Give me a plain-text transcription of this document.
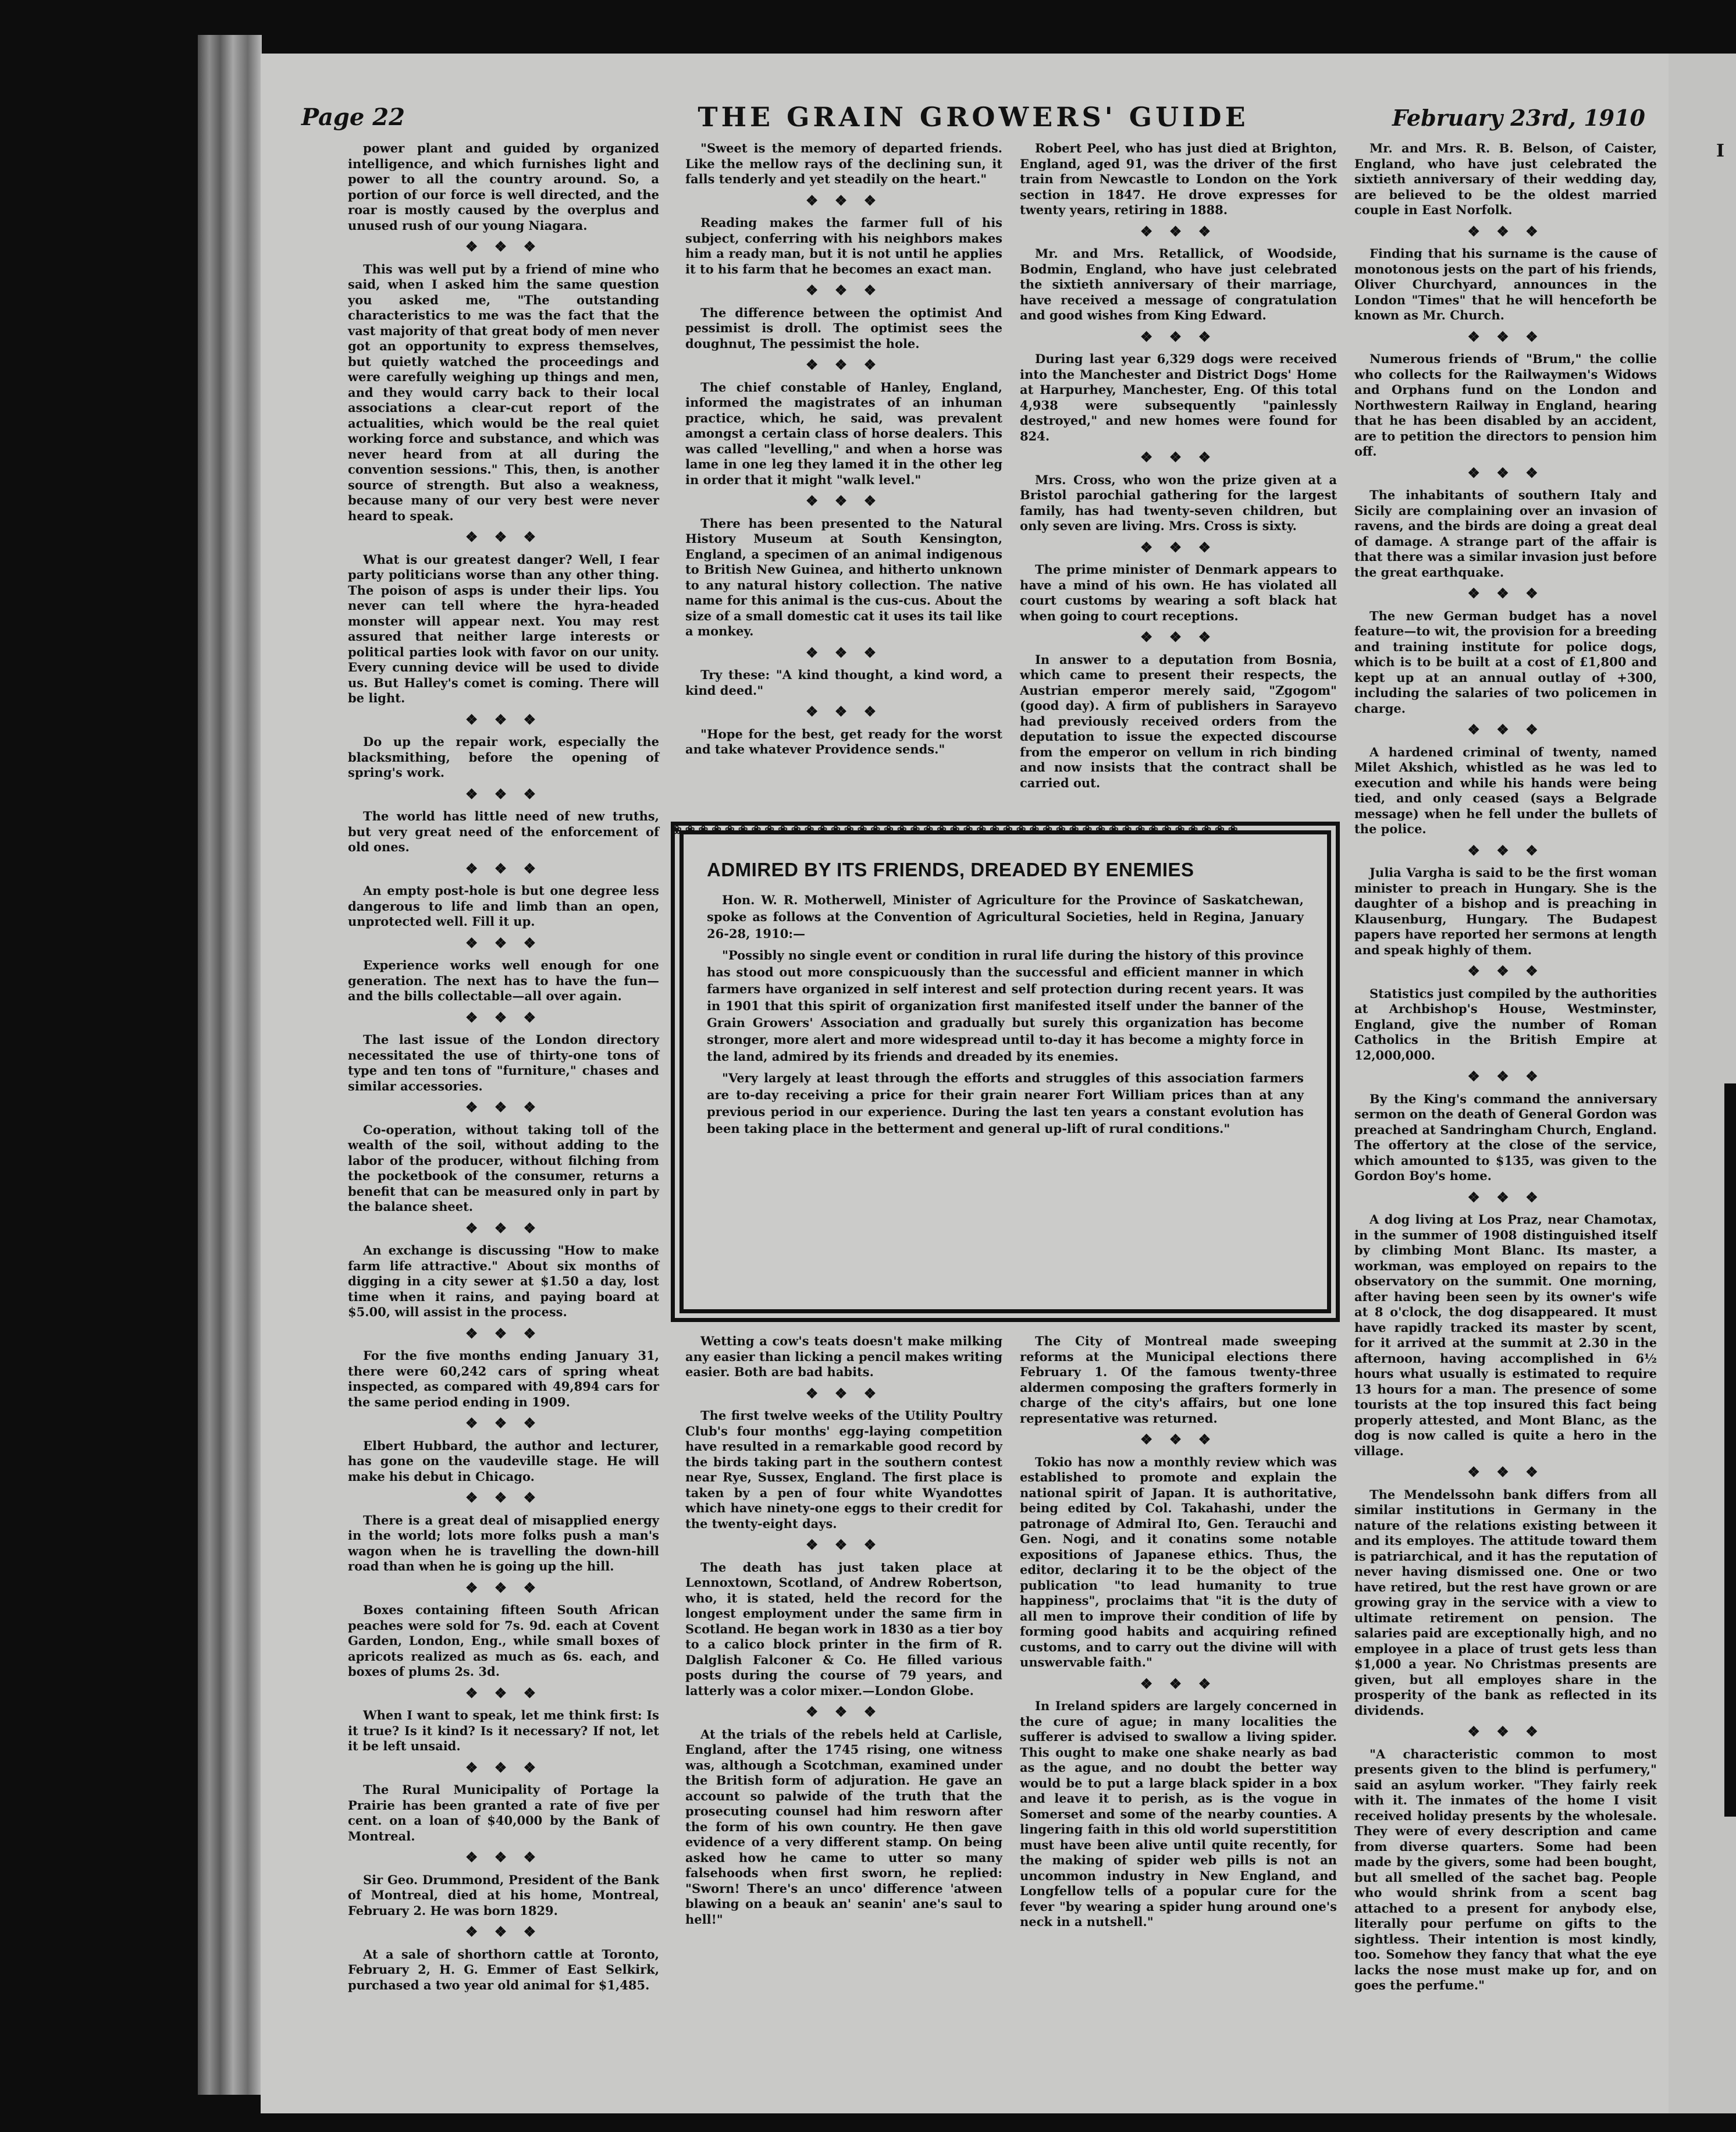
Page 22	THE GRAIN GROWERS' GUIDE	February 23rd, 1910

power plant and guided by organized intelligence, and which furnishes light and power to all the country around. So, a portion of our force is well directed, and the roar is mostly caused by the overplus and unused rush of our young Niagara.

❖ ❖ ❖

This was well put by a friend of mine who said, when I asked him the same question you asked me, "The outstanding characteristics to me was the fact that the vast majority of that great body of men never got an opportunity to express themselves, but quietly watched the proceedings and were carefully weighing up things and men, and they would carry back to their local associations a clear-cut report of the actualities, which would be the real quiet working force and substance, and which was never heard from at all during the convention sessions." This, then, is another source of strength. But also a weakness, because many of our very best were never heard to speak.

❖ ❖ ❖

What is our greatest danger? Well, I fear party politicians worse than any other thing. The poison of asps is under their lips. You never can tell where the hyra-headed monster will appear next. You may rest assured that neither large interests or political parties look with favor on our unity. Every cunning device will be used to divide us. But Halley's comet is coming. There will be light.

❖ ❖ ❖

Do up the repair work, especially the blacksmithing, before the opening of spring's work.

❖ ❖ ❖

The world has little need of new truths, but very great need of the enforcement of old ones.

❖ ❖ ❖

An empty post-hole is but one degree less dangerous to life and limb than an open, unprotected well. Fill it up.

❖ ❖ ❖

Experience works well enough for one generation. The next has to have the fun—and the bills collectable—all over again.

❖ ❖ ❖

The last issue of the London directory necessitated the use of thirty-one tons of type and ten tons of "furniture," chases and similar accessories.

❖ ❖ ❖

Co-operation, without taking toll of the wealth of the soil, without adding to the labor of the producer, without filching from the pocketbook of the consumer, returns a benefit that can be measured only in part by the balance sheet.

❖ ❖ ❖

An exchange is discussing "How to make farm life attractive." About six months of digging in a city sewer at $1.50 a day, lost time when it rains, and paying board at $5.00, will assist in the process.

❖ ❖ ❖

For the five months ending January 31, there were 60,242 cars of spring wheat inspected, as compared with 49,894 cars for the same period ending in 1909.

❖ ❖ ❖

Elbert Hubbard, the author and lecturer, has gone on the vaudeville stage. He will make his debut in Chicago.

❖ ❖ ❖

There is a great deal of misapplied energy in the world; lots more folks push a man's wagon when he is travelling the down-hill road than when he is going up the hill.

❖ ❖ ❖

Boxes containing fifteen South African peaches were sold for 7s. 9d. each at Covent Garden, London, Eng., while small boxes of apricots realized as much as 6s. each, and boxes of plums 2s. 3d.

❖ ❖ ❖

When I want to speak, let me think first: Is it true? Is it kind? Is it necessary? If not, let it be left unsaid.

❖ ❖ ❖

The Rural Municipality of Portage la Prairie has been granted a rate of five per cent. on a loan of $40,000 by the Bank of Montreal.

❖ ❖ ❖

Sir Geo. Drummond, President of the Bank of Montreal, died at his home, Montreal, February 2. He was born 1829.

❖ ❖ ❖

At a sale of shorthorn cattle at Toronto, February 2, H. G. Emmer of East Selkirk, purchased a two year old animal for $1,485.

"Sweet is the memory of departed friends. Like the mellow rays of the declining sun, it falls tenderly and yet steadily on the heart."

❖ ❖ ❖

Reading makes the farmer full of his subject, conferring with his neighbors makes him a ready man, but it is not until he applies it to his farm that he becomes an exact man.

❖ ❖ ❖

The difference between the optimist And pessimist is droll. The optimist sees the doughnut, The pessimist the hole.

❖ ❖ ❖

The chief constable of Hanley, England, informed the magistrates of an inhuman practice, which, he said, was prevalent amongst a certain class of horse dealers. This was called "levelling," and when a horse was lame in one leg they lamed it in the other leg in order that it might "walk level."

❖ ❖ ❖

There has been presented to the Natural History Museum at South Kensington, England, a specimen of an animal indigenous to British New Guinea, and hitherto unknown to any natural history collection. The native name for this animal is the cus-cus. About the size of a small domestic cat it uses its tail like a monkey.

❖ ❖ ❖

Try these: "A kind thought, a kind word, a kind deed."

❖ ❖ ❖

"Hope for the best, get ready for the worst and take whatever Providence sends."

Robert Peel, who has just died at Brighton, England, aged 91, was the driver of the first train from Newcastle to London on the York section in 1847. He drove expresses for twenty years, retiring in 1888.

❖ ❖ ❖

Mr. and Mrs. Retallick, of Woodside, Bodmin, England, who have just celebrated the sixtieth anniversary of their marriage, have received a message of congratulation and good wishes from King Edward.

❖ ❖ ❖

During last year 6,329 dogs were received into the Manchester and District Dogs' Home at Harpurhey, Manchester, Eng. Of this total 4,938 were subsequently "painlessly destroyed," and new homes were found for 824.

❖ ❖ ❖

Mrs. Cross, who won the prize given at a Bristol parochial gathering for the largest family, has had twenty-seven children, but only seven are living. Mrs. Cross is sixty.

❖ ❖ ❖

The prime minister of Denmark appears to have a mind of his own. He has violated all court customs by wearing a soft black hat when going to court receptions.

❖ ❖ ❖

In answer to a deputation from Bosnia, which came to present their respects, the Austrian emperor merely said, "Zgogom" (good day). A firm of publishers in Sarayevo had previously received orders from the deputation to issue the expected discourse from the emperor on vellum in rich binding and now insists that the contract shall be carried out.

❀❀❀❀❀❀❀❀❀❀❀❀❀❀❀❀❀❀❀❀❀❀❀❀❀❀❀❀❀❀❀❀❀❀❀❀❀❀❀❀❀❀❀
ADMIRED BY ITS FRIENDS, DREADED BY ENEMIES

Hon. W. R. Motherwell, Minister of Agriculture for the Province of Saskatchewan, spoke as follows at the Convention of Agricultural Societies, held in Regina, January 26-28, 1910:—

"Possibly no single event or condition in rural life during the history of this province has stood out more conspicuously than the successful and efficient manner in which farmers have organized in self interest and self protection during recent years. It was in 1901 that this spirit of organization first manifested itself under the banner of the Grain Growers' Association and gradually but surely this organization has become stronger, more alert and more widespread until to-day it has become a mighty force in the land, admired by its friends and dreaded by its enemies.

"Very largely at least through the efforts and struggles of this association farmers are to-day receiving a price for their grain nearer Fort William prices than at any previous period in our experience. During the last ten years a constant evolution has been taking place in the betterment and general up-lift of rural conditions."

Wetting a cow's teats doesn't make milking any easier than licking a pencil makes writing easier. Both are bad habits.

❖ ❖ ❖

The first twelve weeks of the Utility Poultry Club's four months' egg-laying competition have resulted in a remarkable good record by the birds taking part in the southern contest near Rye, Sussex, England. The first place is taken by a pen of four white Wyandottes which have ninety-one eggs to their credit for the twenty-eight days.

❖ ❖ ❖

The death has just taken place at Lennoxtown, Scotland, of Andrew Robertson, who, it is stated, held the record for the longest employment under the same firm in Scotland. He began work in 1830 as a tier boy to a calico block printer in the firm of R. Dalglish Falconer & Co. He filled various posts during the course of 79 years, and latterly was a color mixer.—London Globe.

❖ ❖ ❖

At the trials of the rebels held at Carlisle, England, after the 1745 rising, one witness was, although a Scotchman, examined under the British form of adjuration. He gave an account so palwide of the truth that the prosecuting counsel had him resworn after the form of his own country. He then gave evidence of a very different stamp. On being asked how he came to utter so many falsehoods when first sworn, he replied: "Sworn! There's an unco' difference 'atween blawing on a beauk an' seanin' ane's saul to hell!"

The City of Montreal made sweeping reforms at the Municipal elections there February 1. Of the famous twenty-three aldermen composing the grafters formerly in charge of the city's affairs, but one lone representative was returned.

❖ ❖ ❖

Tokio has now a monthly review which was established to promote and explain the national spirit of Japan. It is authoritative, being edited by Col. Takahashi, under the patronage of Admiral Ito, Gen. Terauchi and Gen. Nogi, and it conatins some notable expositions of Japanese ethics. Thus, the editor, declaring it to be the object of the publication "to lead humanity to true happiness", proclaims that "it is the duty of all men to improve their condition of life by forming good habits and acquiring refined customs, and to carry out the divine will with unswervable faith."

❖ ❖ ❖

In Ireland spiders are largely concerned in the cure of ague; in many localities the sufferer is advised to swallow a living spider. This ought to make one shake nearly as bad as the ague, and no doubt the better way would be to put a large black spider in a box and leave it to perish, as is the vogue in Somerset and some of the nearby counties. A lingering faith in this old world superstitition must have been alive until quite recently, for the making of spider web pills is not an uncommon industry in New England, and Longfellow tells of a popular cure for the fever "by wearing a spider hung around one's neck in a nutshell."

Mr. and Mrs. R. B. Belson, of Caister, England, who have just celebrated the sixtieth anniversary of their wedding day, are believed to be the oldest married couple in East Norfolk.

❖ ❖ ❖

Finding that his surname is the cause of monotonous jests on the part of his friends, Oliver Churchyard, announces in the London "Times" that he will henceforth be known as Mr. Church.

❖ ❖ ❖

Numerous friends of "Brum," the collie who collects for the Railwaymen's Widows and Orphans fund on the London and Northwestern Railway in England, hearing that he has been disabled by an accident, are to petition the directors to pension him off.

❖ ❖ ❖

The inhabitants of southern Italy and Sicily are complaining over an invasion of ravens, and the birds are doing a great deal of damage. A strange part of the affair is that there was a similar invasion just before the great earthquake.

❖ ❖ ❖

The new German budget has a novel feature—to wit, the provision for a breeding and training institute for police dogs, which is to be built at a cost of £1,800 and kept up at an annual outlay of +300, including the salaries of two policemen in charge.

❖ ❖ ❖

A hardened criminal of twenty, named Milet Akshich, whistled as he was led to execution and while his hands were being tied, and only ceased (says a Belgrade message) when he fell under the bullets of the police.

❖ ❖ ❖

Julia Vargha is said to be the first woman minister to preach in Hungary. She is the daughter of a bishop and is preaching in Klausenburg, Hungary. The Budapest papers have reported her sermons at length and speak highly of them.

❖ ❖ ❖

Statistics just compiled by the authorities at Archbishop's House, Westminster, England, give the number of Roman Catholics in the British Empire at 12,000,000.

❖ ❖ ❖

By the King's command the anniversary sermon on the death of General Gordon was preached at Sandringham Church, England. The offertory at the close of the service, which amounted to $135, was given to the Gordon Boy's home.

❖ ❖ ❖

A dog living at Los Praz, near Chamotax, in the summer of 1908 distinguished itself by climbing Mont Blanc. Its master, a workman, was employed on repairs to the observatory on the summit. One morning, after having been seen by its owner's wife at 8 o'clock, the dog disappeared. It must have rapidly tracked its master by scent, for it arrived at the summit at 2.30 in the afternoon, having accomplished in 6½ hours what usually is estimated to require 13 hours for a man. The presence of some tourists at the top insured this fact being properly attested, and Mont Blanc, as the dog is now called is quite a hero in the village.

❖ ❖ ❖

The Mendelssohn bank differs from all similar institutions in Germany in the nature of the relations existing between it and its employes. The attitude toward them is patriarchical, and it has the reputation of never having dismissed one. One or two have retired, but the rest have grown or are growing gray in the service with a view to ultimate retirement on pension. The salaries paid are exceptionally high, and no employee in a place of trust gets less than $1,000 a year. No Christmas presents are given, but all employes share in the prosperity of the bank as reflected in its dividends.

❖ ❖ ❖

"A characteristic common to most presents given to the blind is perfumery," said an asylum worker. "They fairly reek with it. The inmates of the home I visit received holiday presents by the wholesale. They were of every description and came from diverse quarters. Some had been made by the givers, some had been bought, but all smelled of the sachet bag. People who would shrink from a scent bag attached to a present for anybody else, literally pour perfume on gifts to the sightless. Their intention is most kindly, too. Somehow they fancy that what the eye lacks the nose must make up for, and on goes the perfume."

I
